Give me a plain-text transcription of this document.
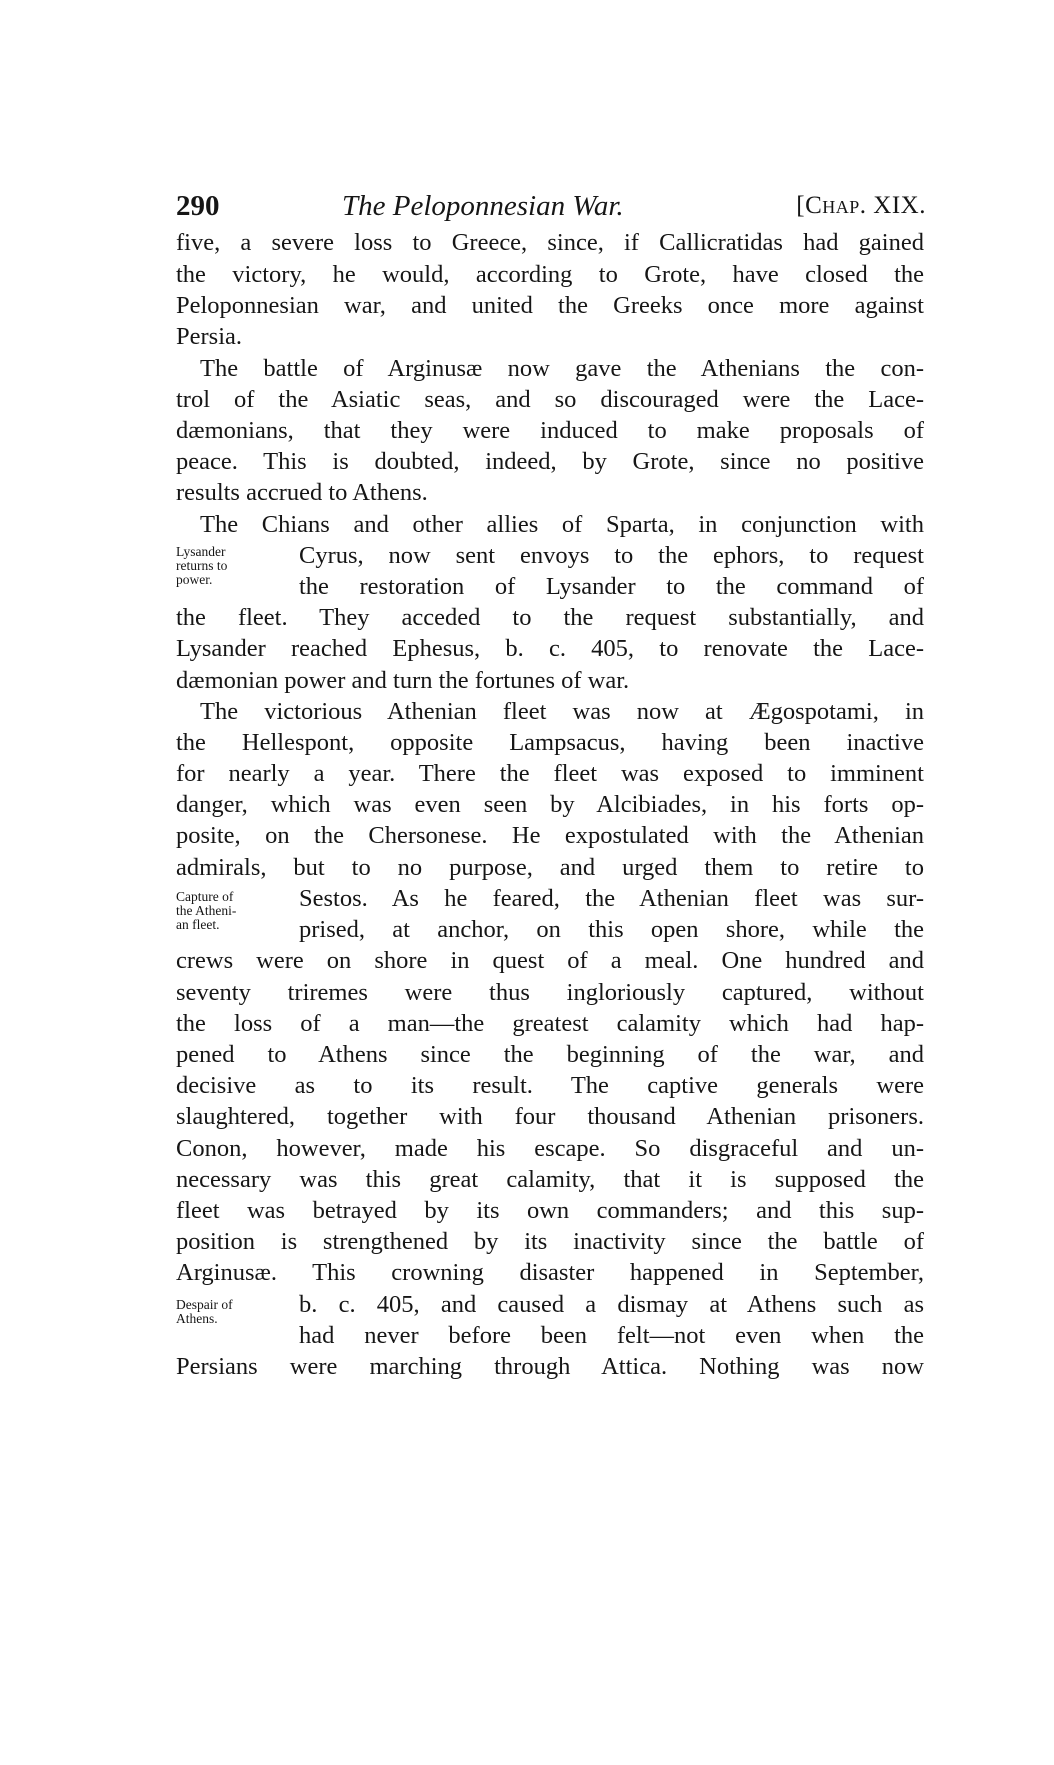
290	The Peloponnesian War.	[Chap. XIX.
Lysander
returns to
power.
Capture of
the Atheni-
an fleet.
Despair of
Athens.
five, a severe loss to Greece, since, if Callicratidas had gained
the victory, he would, according to Grote, have closed the
Peloponnesian war, and united the Greeks once more against
Persia.
The battle of Arginusæ now gave the Athenians the con-
trol of the Asiatic seas, and so discouraged were the Lace-
dæmonians, that they were induced to make proposals of
peace. This is doubted, indeed, by Grote, since no positive
results accrued to Athens.
The Chians and other allies of Sparta, in conjunction with
Cyrus, now sent envoys to the ephors, to request
the restoration of Lysander to the command of
the fleet. They acceded to the request substantially, and
Lysander reached Ephesus, b. c. 405, to renovate the Lace-
dæmonian power and turn the fortunes of war.
The victorious Athenian fleet was now at Ægospotami, in
the Hellespont, opposite Lampsacus, having been inactive
for nearly a year. There the fleet was exposed to imminent
danger, which was even seen by Alcibiades, in his forts op-
posite, on the Chersonese. He expostulated with the Athenian
admirals, but to no purpose, and urged them to retire to
Sestos. As he feared, the Athenian fleet was sur-
prised, at anchor, on this open shore, while the
crews were on shore in quest of a meal. One hundred and
seventy triremes were thus ingloriously captured, without
the loss of a man—the greatest calamity which had hap-
pened to Athens since the beginning of the war, and
decisive as to its result. The captive generals were
slaughtered, together with four thousand Athenian prisoners.
Conon, however, made his escape. So disgraceful and un-
necessary was this great calamity, that it is supposed the
fleet was betrayed by its own commanders; and this sup-
position is strengthened by its inactivity since the battle of
Arginusæ. This crowning disaster happened in September,
b. c. 405, and caused a dismay at Athens such as
had never before been felt—not even when the
Persians were marching through Attica. Nothing was now
